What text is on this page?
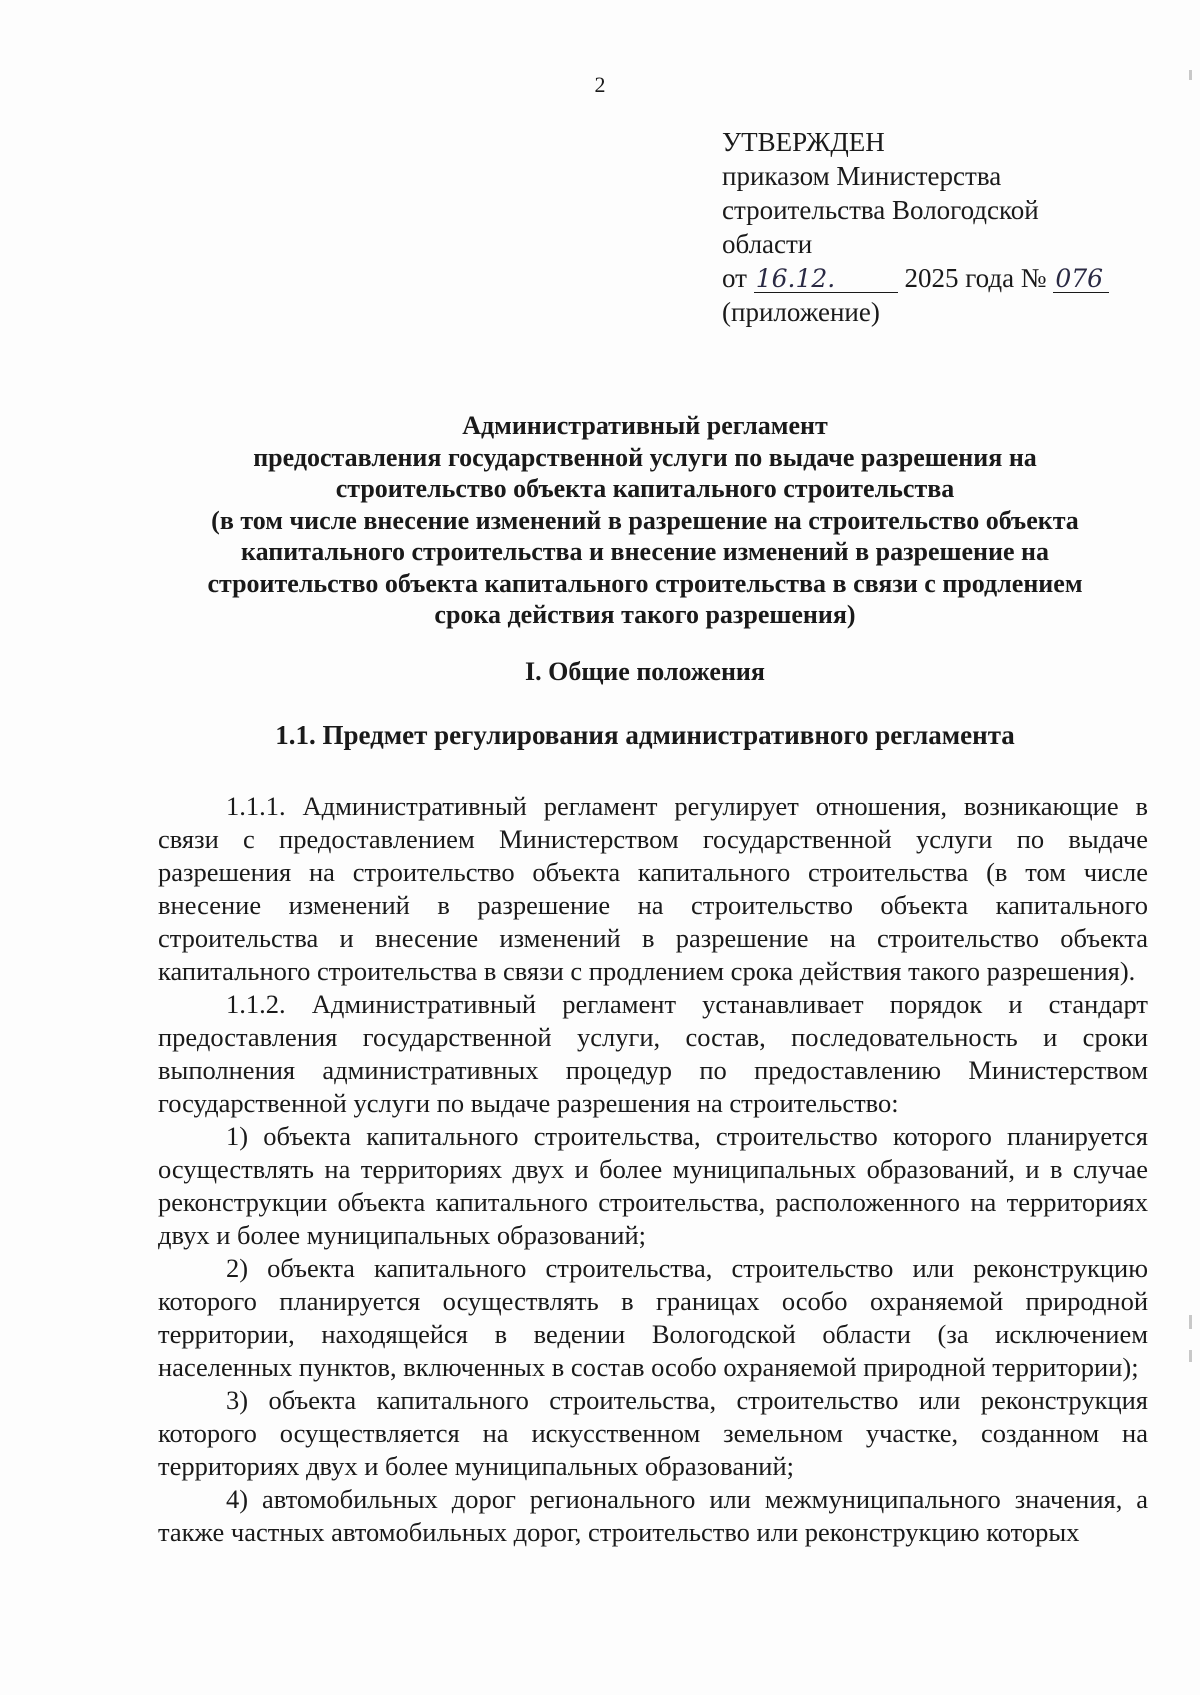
2
УТВЕРЖДЕН
приказом Министерства
строительства Вологодской
области
от 16.12.	2025 года № 076
(приложение)
Административный регламент
предоставления государственной услуги по выдаче разрешения на
строительство объекта капитального строительства
(в том числе внесение изменений в разрешение на строительство объекта
капитального строительства и внесение изменений в разрешение на
строительство объекта капитального строительства в связи с продлением
срока действия такого разрешения)
I. Общие положения
1.1. Предмет регулирования административного регламента

1.1.1. Административный регламент регулирует отношения, возникающие в связи с предоставлением Министерством государственной услуги по выдаче разрешения на строительство объекта капитального строительства (в том числе внесение изменений в разрешение на строительство объекта капитального строительства и внесение изменений в разрешение на строительство объекта капитального строительства в связи с продлением срока действия такого разрешения).

1.1.2. Административный регламент устанавливает порядок и стандарт предоставления государственной услуги, состав, последовательность и сроки выполнения административных процедур по предоставлению Министерством государственной услуги по выдаче разрешения на строительство:

1) объекта капитального строительства, строительство которого планируется осуществлять на территориях двух и более муниципальных образований, и в случае реконструкции объекта капитального строительства, расположенного на территориях двух и более муниципальных образований;

2) объекта капитального строительства, строительство или реконструкцию которого планируется осуществлять в границах особо охраняемой природной территории, находящейся в ведении Вологодской области (за исключением населенных пунктов, включенных в состав особо охраняемой природной территории);

3) объекта капитального строительства, строительство или реконструкция которого осуществляется на искусственном земельном участке, созданном на территориях двух и более муниципальных образований;

4) автомобильных дорог регионального или межмуниципального значения, а также частных автомобильных дорог, строительство или реконструкцию которых
